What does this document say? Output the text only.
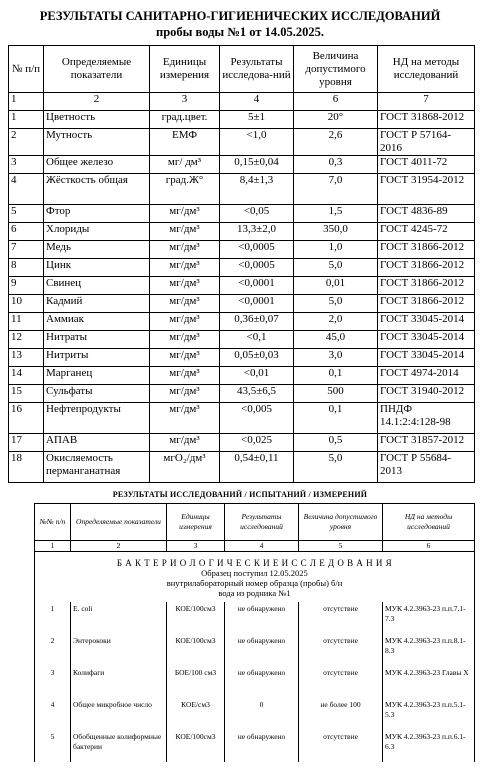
РЕЗУЛЬТАТЫ САНИТАРНО-ГИГИЕНИЧЕСКИХ ИССЛЕДОВАНИЙ
пробы воды №1 от 14.05.2025.
№ п/п	Определяемые показатели	Единицы измерения	Результаты исследова-ний	Величина допустимого уровня	НД на методы исследований
1	2	3	4	6	7
1	Цветность	град.цвет.	5±1	20°	ГОСТ 31868-2012
2	Мутность	ЕМФ	<1,0	2,6	ГОСТ Р 57164-2016
3	Общее железо	мг/ дм³	0,15±0,04	0,3	ГОСТ 4011-72
4	Жёсткость общая	град.Ж°	8,4±1,3	7,0	ГОСТ 31954-2012
5	Фтор	мг/дм³	<0,05	1,5	ГОСТ 4836-89
6	Хлориды	мг/дм³	13,3±2,0	350,0	ГОСТ 4245-72
7	Медь	мг/дм³	<0,0005	1,0	ГОСТ 31866-2012
8	Цинк	мг/дм³	<0,0005	5,0	ГОСТ 31866-2012
9	Свинец	мг/дм³	<0,0001	0,01	ГОСТ 31866-2012
10	Кадмий	мг/дм³	<0,0001	5,0	ГОСТ 31866-2012
11	Аммиак	мг/дм³	0,36±0,07	2,0	ГОСТ 33045-2014
12	Нитраты	мг/дм³	<0,1	45,0	ГОСТ 33045-2014
13	Нитриты	мг/дм³	0,05±0,03	3,0	ГОСТ 33045-2014
14	Марганец	мг/дм³	<0,01	0,1	ГОСТ 4974-2014
15	Сульфаты	мг/дм³	43,5±6,5	500	ГОСТ 31940-2012
16	Нефтепродукты	мг/дм³	<0,005	0,1	ПНДФ 14.1:2:4:128-98
17	АПАВ	мг/дм³	<0,025	0,5	ГОСТ 31857-2012
18	Окисляемость перманганатная	мгО₂/дм³	0,54±0,11	5,0	ГОСТ Р 55684-2013
РЕЗУЛЬТАТЫ ИССЛЕДОВАНИЙ / ИСПЫТАНИЙ / ИЗМЕРЕНИЙ
№№ п/п	Определяемые показатели	Единицы измерения	Результаты исследований	Величина допустимого уровня	НД на методы исследований
1	2	3	4	5	6

Б А К Т Е Р И О Л О Г И Ч Е С К И Е И С С Л Е Д О В А Н И Я
Образец поступил 12.05.2025
внутрилабораторный номер образца (пробы) б/н
вода из родника №1					

1	E. coli	КОЕ/100см3	не обнаружено	отсутствие	МУК 4.2.3963-23 п.п.7.1-7.3
2	Энтерококи	КОЕ/100см3	не обнаружено	отсутствие	МУК 4.2.3963-23 п.п.8.1-8.3
3	Колифаги	БОЕ/100 см3	не обнаружено	отсутствие	МУК 4.2.3963-23 Главы Х
4	Общее микробное число	КОЕ/см3	0	не более 100	МУК 4.2.3963-23 п.п.5.1-5.3
5	Обобщенные колиформные бактерии	КОЕ/100см3	не обнаружено	отсутствие	МУК 4.2.3963-23 п.п.6.1-6.3
